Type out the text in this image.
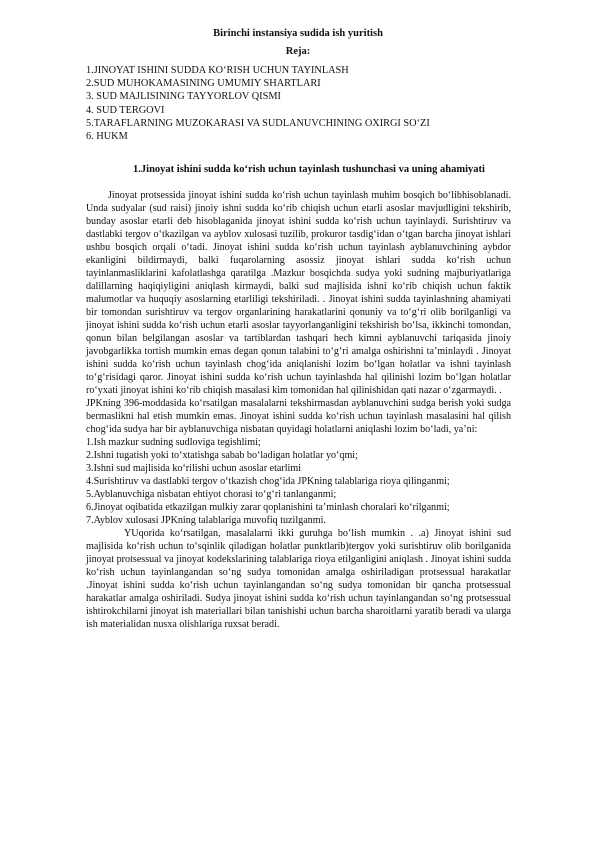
Birinchi instansiya sudida ish yuritish
Reja:
1.JINOYAT ISHINI SUDDA KO‘RISH UCHUN TAYINLASH
2.SUD MUHOKAMASINING UMUMIY SHARTLARI
3. SUD MAJLISINING TAYYORLOV QISMI
4. SUD TERGOVI
5.TARAFLARNING MUZOKARASI VA SUDLANUVCHINING OXIRGI SO‘ZI
6. HUKM
1.Jinoyat ishini sudda ko‘rish uchun tayinlash tushunchasi va uning ahamiyati

Jinoyat protsessida jinoyat ishini sudda ko‘rish uchun tayinlash muhim bosqich bo‘libhisoblanadi. Unda sudyalar (sud raisi) jinoiy ishni sudda ko‘rib chiqish uchun etarli asoslar mavjudligini tekshirib, bunday asoslar etarli deb hisoblaganida jinoyat ishini sudda ko‘rish uchun tayinlaydi. Surishtiruv va dastlabki tergov o‘tkazilgan va ayblov xulosasi tuzilib, prokuror tasdig‘idan o‘tgan barcha jinoyat ishlari ushbu bosqich orqali o‘tadi. Jinoyat ishini sudda ko‘rish uchun tayinlash ayblanuvchining aybdor ekanligini bildirmaydi, balki fuqarolarning asossiz jinoyat ishlari sudda ko‘rish uchun tayinlanmasliklarini kafolatlashga qaratilga .Mazkur bosqichda sudya yoki sudning majburiyatlariga dalillarning haqiqiyligini aniqlash kirmaydi, balki sud majlisida ishni ko‘rib chiqish uchun faktik malumotlar va huquqiy asoslarning etarliligi tekshiriladi. . Jinoyat ishini sudda tayinlashning ahamiyati bir tomondan surishtiruv va tergov organlarining harakatlarini qonuniy va to‘g‘ri olib borilganligi va jinoyat ishini sudda ko‘rish uchun etarli asoslar tayyorlanganligini tekshirish bo‘lsa, ikkinchi tomondan, qonun bilan belgilangan asoslar va tartiblardan tashqari hech kimni ayblanuvchi tariqasida jinoiy javobgarlikka tortish mumkin emas degan qonun talabini to‘g‘ri amalga oshirishni ta’minlaydi . Jinoyat ishini sudda ko‘rish uchun tayinlash chog‘ida aniqlanishi lozim bo‘lgan holatlar va ishni tayinlash to‘g‘risidagi qaror. Jinoyat ishini sudda ko‘rish uchun tayinlashda hal qilinishi lozim bo‘lgan holatlar ro‘yxati jinoyat ishini ko‘rib chiqish masalasi kim tomonidan hal qilinishidan qati nazar o‘zgarmaydi. .

JPKning 396-moddasida ko‘rsatilgan masalalarni tekshirmasdan ayblanuvchini sudga berish yoki sudga bermaslikni hal etish mumkin emas. Jinoyat ishini sudda ko‘rish uchun tayinlash masalasini hal qilish chog‘ida sudya har bir ayblanuvchiga nisbatan quyidagi holatlarni aniqlashi lozim bo‘ladi, ya’ni:

1.Ish mazkur sudning sudloviga tegishlimi;

2.Ishni tugatish yoki to‘xtatishga sabab bo‘ladigan holatlar yo‘qmi;

3.Ishni sud majlisida ko‘rilishi uchun asoslar etarlimi

4.Surishtiruv va dastlabki tergov o‘tkazish chog‘ida JPKning talablariga rioya qilinganmi;

5.Ayblanuvchiga nisbatan ehtiyot chorasi to‘g‘ri tanlanganmi;

6.Jinoyat oqibatida etkazilgan mulkiy zarar qoplanishini ta’minlash choralari ko‘rilganmi;

7.Ayblov xulosasi JPKning talablariga muvofiq tuzilganmi.

YUqorida ko‘rsatilgan, masalalarni ikki guruhga bo‘lish mumkin . .a) Jinoyat ishini sud majlisida ko‘rish uchun to‘sqinlik qiladigan holatlar punktlarib)tergov yoki surishtiruv olib borilganida jinoyat protsessual va jinoyat kodekslarining talablariga rioya etilganligini aniqlash . Jinoyat ishini sudda ko‘rish uchun tayinlangandan so‘ng sudya tomonidan amalga oshiriladigan protsessual harakatlar .Jinoyat ishini sudda ko‘rish uchun tayinlangandan so‘ng sudya tomonidan bir qancha protsessual harakatlar amalga oshiriladi. Sudya jinoyat ishini sudda ko‘rish uchun tayinlangandan so‘ng protsessual ishtirokchilarni jinoyat ish materiallari bilan tanishishi uchun barcha sharoitlarni yaratib beradi va ularga ish materialidan nusxa olishlariga ruxsat beradi.
